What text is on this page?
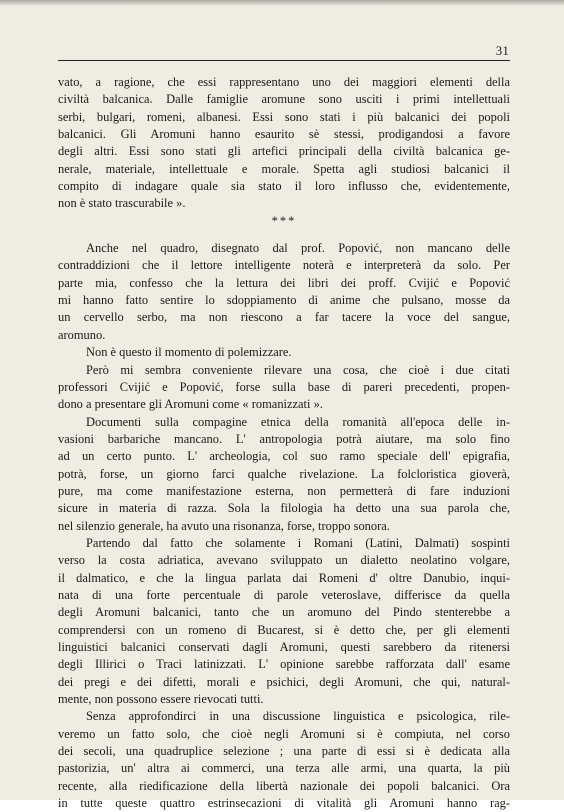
31
vato, a ragione, che essi rappresentano uno dei maggiori elementi della
civiltà balcanica. Dalle famiglie aromune sono usciti i primi intellettuali
serbi, bulgari, romeni, albanesi. Essi sono stati i più balcanici dei popoli
balcanici. Gli Aromuni hanno esaurito sè stessi, prodigandosi a favore
degli altri. Essi sono stati gli artefici principali della civiltà balcanica ge-
nerale, materiale, intellettuale e morale. Spetta agli studiosi balcanici il
compito di indagare quale sia stato il loro influsso che, evidentemente,
non è stato trascurabile ».
***
Anche nel quadro, disegnato dal prof. Popović, non mancano delle
contraddizioni che il lettore intelligente noterà e interpreterà da solo. Per
parte mia, confesso che la lettura dei libri dei proff. Cvijić e Popović
mi hanno fatto sentire lo sdoppiamento di anime che pulsano, mosse da
un cervello serbo, ma non riescono a far tacere la voce del sangue,
aromuno.
Non è questo il momento di polemizzare.
Però mi sembra conveniente rilevare una cosa, che cioè i due citati
professori Cvijić e Popović, forse sulla base di pareri precedenti, propen-
dono a presentare gli Aromuni come « romanizzati ».
Documenti sulla compagine etnica della romanità all'epoca delle in-
vasioni barbariche mancano. L' antropologia potrà aiutare, ma solo fino
ad un certo punto. L' archeologia, col suo ramo speciale dell' epigrafia,
potrà, forse, un giorno farci qualche rivelazione. La folcloristica gioverà,
pure, ma come manifestazione esterna, non permetterà di fare induzioni
sicure in materia di razza. Sola la filologia ha detto una sua parola che,
nel silenzio generale, ha avuto una risonanza, forse, troppo sonora.
Partendo dal fatto che solamente i Romani (Latini, Dalmati) sospinti
verso la costa adriatica, avevano sviluppato un dialetto neolatino volgare,
il dalmatico, e che la lingua parlata dai Romeni d' oltre Danubio, inqui-
nata di una forte percentuale di parole veteroslave, differisce da quella
degli Aromuni balcanici, tanto che un aromuno del Pindo stenterebbe a
comprendersi con un romeno di Bucarest, si è detto che, per gli elementi
linguistici balcanici conservati dagli Aromuni, questi sarebbero da ritenersi
degli Illirici o Traci latinizzati. L' opinione sarebbe rafforzata dall' esame
dei pregi e dei difetti, morali e psichici, degli Aromuni, che qui, natural-
mente, non possono essere rievocati tutti.
Senza approfondirci in una discussione linguistica e psicologica, rile-
veremo un fatto solo, che cioè negli Aromuni si è compiuta, nel corso
dei secoli, una quadruplice selezione ; una parte di essi si è dedicata alla
pastorizia, un' altra ai commerci, una terza alle armi, una quarta, la più
recente, alla riedificazione della libertà nazionale dei popoli balcanici. Ora
in tutte queste quattro estrinsecazioni di vitalità gli Aromuni hanno rag-
